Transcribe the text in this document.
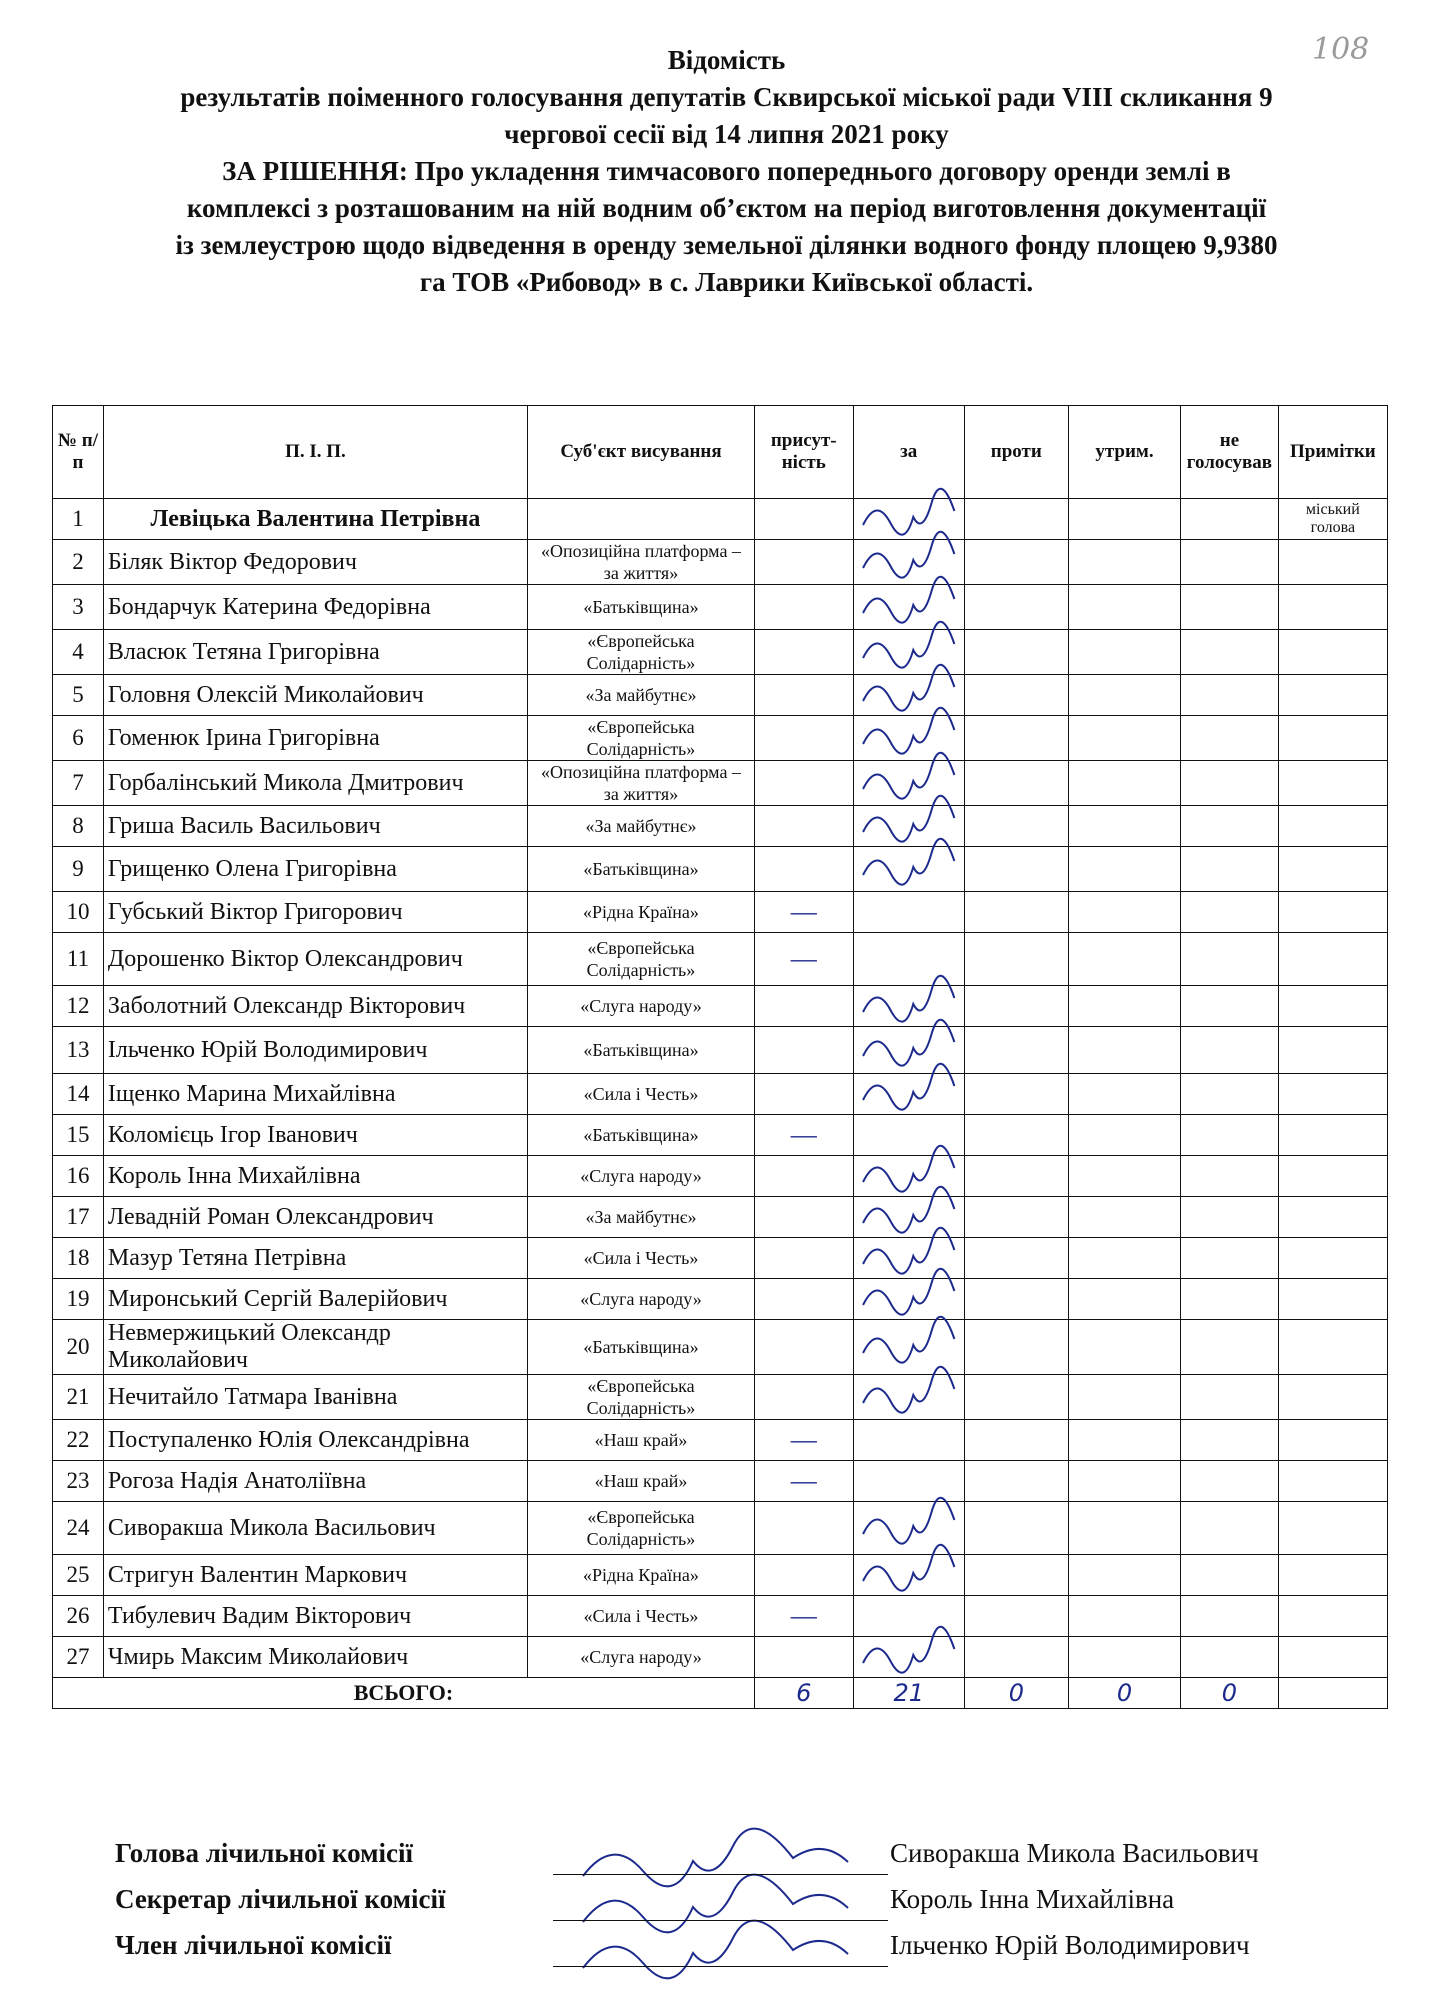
108
Відомість
результатів поіменного голосування депутатів Сквирської міської ради VIII скликання 9
чергової сесії від 14 липня 2021 року
ЗА РІШЕННЯ: Про укладення тимчасового попереднього договору оренди землі в
комплексі з розташованим на ній водним об’єктом на період виготовлення документації
із землеустрою щодо відведення в оренду земельної ділянки водного фонду площею 9,9380
га ТОВ «Рибовод» в с. Лаврики Київської області.
№ п/п	П. І. П.	Суб'єкт висування	присут-ність	за	проти	утрим.	не голосував	Примітки
1	Левіцька Валентина Петрівна							міський голова
2	Біляк Віктор Федорович	«Опозиційна платформа – за життя»						
3	Бондарчук Катерина Федорівна	«Батьківщина»						
4	Власюк Тетяна Григорівна	«Європейська Солідарність»						
5	Головня Олексій Миколайович	«За майбутнє»						
6	Гоменюк Ірина Григорівна	«Європейська Солідарність»						
7	Горбалінський Микола Дмитрович	«Опозиційна платформа – за життя»						
8	Гриша Василь Васильович	«За майбутнє»						
9	Грищенко Олена Григорівна	«Батьківщина»						
10	Губський Віктор Григорович	«Рідна Країна»	—					
11	Дорошенко Віктор Олександрович	«Європейська Солідарність»	—					
12	Заболотний Олександр Вікторович	«Слуга народу»						
13	Ільченко Юрій Володимирович	«Батьківщина»						
14	Іщенко Марина Михайлівна	«Сила і Честь»						
15	Коломієць Ігор Іванович	«Батьківщина»	—					
16	Король Інна Михайлівна	«Слуга народу»						
17	Левадній Роман Олександрович	«За майбутнє»						
18	Мазур Тетяна Петрівна	«Сила і Честь»						
19	Миронський Сергій Валерійович	«Слуга народу»						
20	Невмержицький Олександр Миколайович	«Батьківщина»						
21	Нечитайло Татмара Іванівна	«Європейська Солідарність»						
22	Поступаленко Юлія Олександрівна	«Наш край»	—					
23	Рогоза Надія Анатоліївна	«Наш край»	—					
24	Сиворакша Микола Васильович	«Європейська Солідарність»						
25	Стригун Валентин Маркович	«Рідна Країна»						
26	Тибулевич Вадим Вікторович	«Сила і Честь»	—					
27	Чмирь Максим Миколайович	«Слуга народу»						
ВСЬОГО:			6	21	0	0	0	
Голова лічильної комісії	Сиворакша Микола Васильович
Секретар лічильної комісії	Король Інна Михайлівна
Член лічильної комісії	Ільченко Юрій Володимирович
